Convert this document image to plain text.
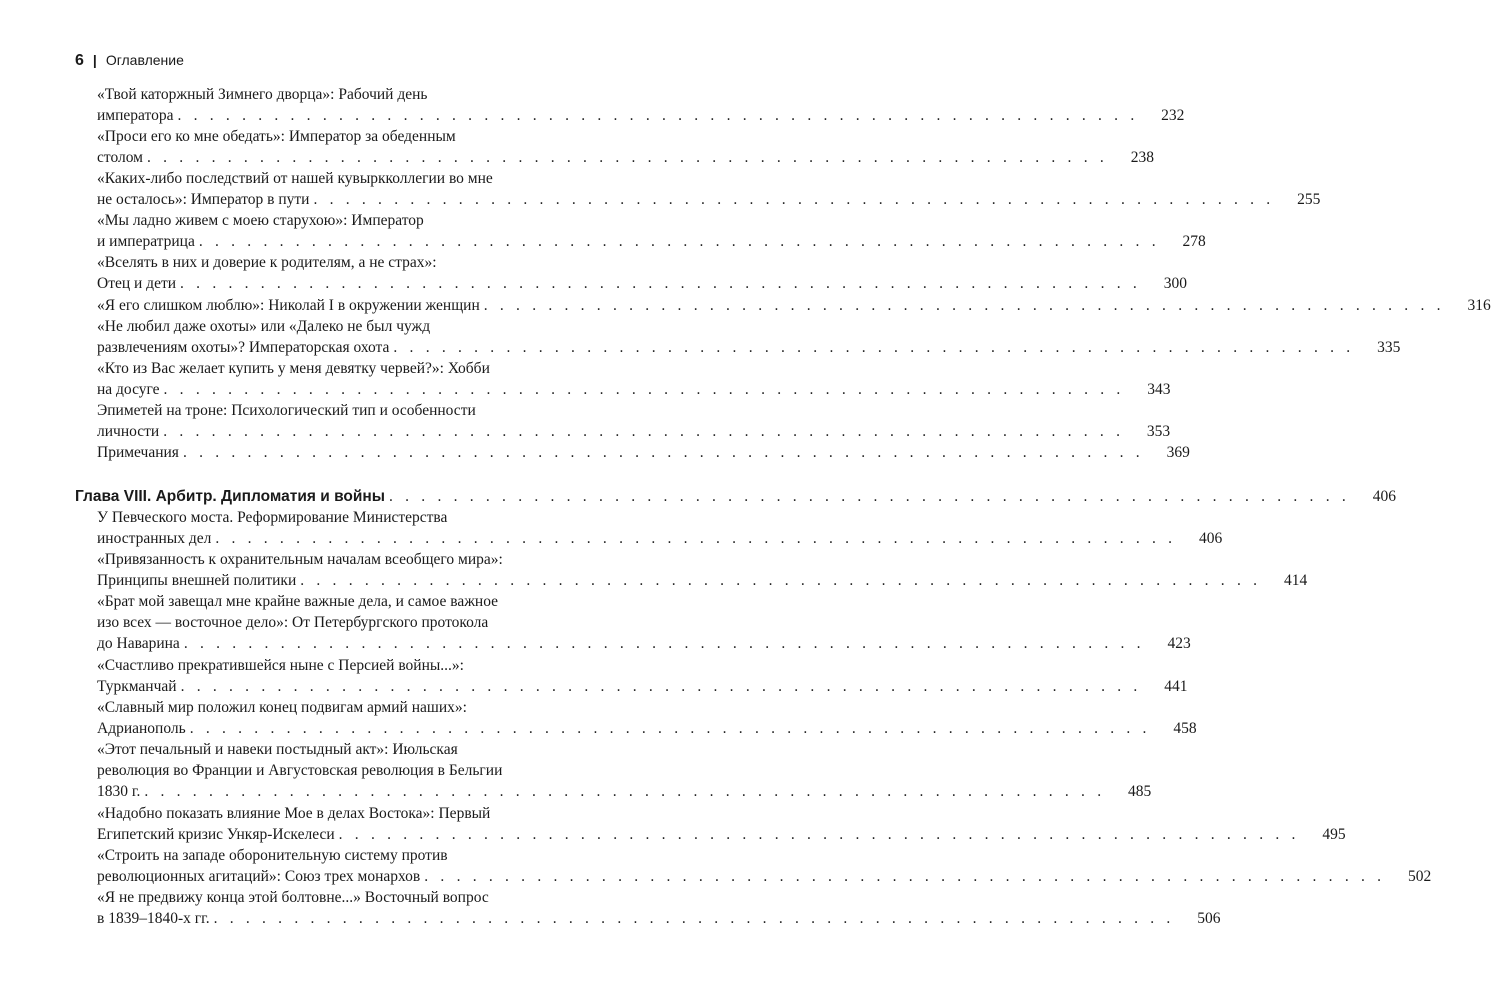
6 | Оглавление
«Твой каторжный Зимнего дворца»: Рабочий день
императора . . . . . . . . . . . . . . . . . . . . . . . . . . . . . . . . . . . . . . . . . . . . . . . . . . . . . . . . . . . .	232
«Проси его ко мне обедать»: Император за обеденным
столом . . . . . . . . . . . . . . . . . . . . . . . . . . . . . . . . . . . . . . . . . . . . . . . . . . . . . . . . . . . .	238
«Каких-либо последствий от нашей кувыркколлегии во мне
не осталось»: Император в пути . . . . . . . . . . . . . . . . . . . . . . . . . . . . . . . . . . . . . . . . . . . . . . . . . . . . . . . . . . . .	255
«Мы ладно живем с моею старухою»: Император
и императрица . . . . . . . . . . . . . . . . . . . . . . . . . . . . . . . . . . . . . . . . . . . . . . . . . . . . . . . . . . . .	278
«Вселять в них и доверие к родителям, а не страх»:
Отец и дети . . . . . . . . . . . . . . . . . . . . . . . . . . . . . . . . . . . . . . . . . . . . . . . . . . . . . . . . . . . .	300
«Я его слишком люблю»: Николай I в окружении женщин . . . . . . . . . . . . . . . . . . . . . . . . . . . . . . . . . . . . . . . . . . . . . . . . . . . . . . . . . . . .	316
«Не любил даже охоты» или «Далеко не был чужд
развлечениям охоты»? Императорская охота . . . . . . . . . . . . . . . . . . . . . . . . . . . . . . . . . . . . . . . . . . . . . . . . . . . . . . . . . . . .	335
«Кто из Вас желает купить у меня девятку червей?»: Хобби
на досуге . . . . . . . . . . . . . . . . . . . . . . . . . . . . . . . . . . . . . . . . . . . . . . . . . . . . . . . . . . . .	343
Эпиметей на троне: Психологический тип и особенности
личности . . . . . . . . . . . . . . . . . . . . . . . . . . . . . . . . . . . . . . . . . . . . . . . . . . . . . . . . . . . .	353
Примечания . . . . . . . . . . . . . . . . . . . . . . . . . . . . . . . . . . . . . . . . . . . . . . . . . . . . . . . . . . . .	369
Глава VIII. Арбитр. Дипломатия и войны . . . . . . . . . . . . . . . . . . . . . . . . . . . . . . . . . . . . . . . . . . . . . . . . . . . . . . . . . . . .	406
У Певческого моста. Реформирование Министерства
иностранных дел . . . . . . . . . . . . . . . . . . . . . . . . . . . . . . . . . . . . . . . . . . . . . . . . . . . . . . . . . . . .	406
«Привязанность к охранительным началам всеобщего мира»:
Принципы внешней политики . . . . . . . . . . . . . . . . . . . . . . . . . . . . . . . . . . . . . . . . . . . . . . . . . . . . . . . . . . . .	414
«Брат мой завещал мне крайне важные дела, и самое важное
изо всех — восточное дело»: От Петербургского протокола
до Наварина . . . . . . . . . . . . . . . . . . . . . . . . . . . . . . . . . . . . . . . . . . . . . . . . . . . . . . . . . . . .	423
«Счастливо прекратившейся ныне с Персией войны...»:
Туркманчай . . . . . . . . . . . . . . . . . . . . . . . . . . . . . . . . . . . . . . . . . . . . . . . . . . . . . . . . . . . .	441
«Славный мир положил конец подвигам армий наших»:
Адрианополь . . . . . . . . . . . . . . . . . . . . . . . . . . . . . . . . . . . . . . . . . . . . . . . . . . . . . . . . . . . .	458
«Этот печальный и навеки постыдный акт»: Июльская
революция во Франции и Августовская революция в Бельгии
1830 г. . . . . . . . . . . . . . . . . . . . . . . . . . . . . . . . . . . . . . . . . . . . . . . . . . . . . . . . . . . . .	485
«Надобно показать влияние Мое в делах Востока»: Первый
Египетский кризис Ункяр-Искелеси . . . . . . . . . . . . . . . . . . . . . . . . . . . . . . . . . . . . . . . . . . . . . . . . . . . . . . . . . . . .	495
«Строить на западе оборонительную систему против
революционных агитаций»: Союз трех монархов . . . . . . . . . . . . . . . . . . . . . . . . . . . . . . . . . . . . . . . . . . . . . . . . . . . . . . . . . . . .	502
«Я не предвижу конца этой болтовне...» Восточный вопрос
в 1839–1840-х гг. . . . . . . . . . . . . . . . . . . . . . . . . . . . . . . . . . . . . . . . . . . . . . . . . . . . . . . . . . . . .	506
